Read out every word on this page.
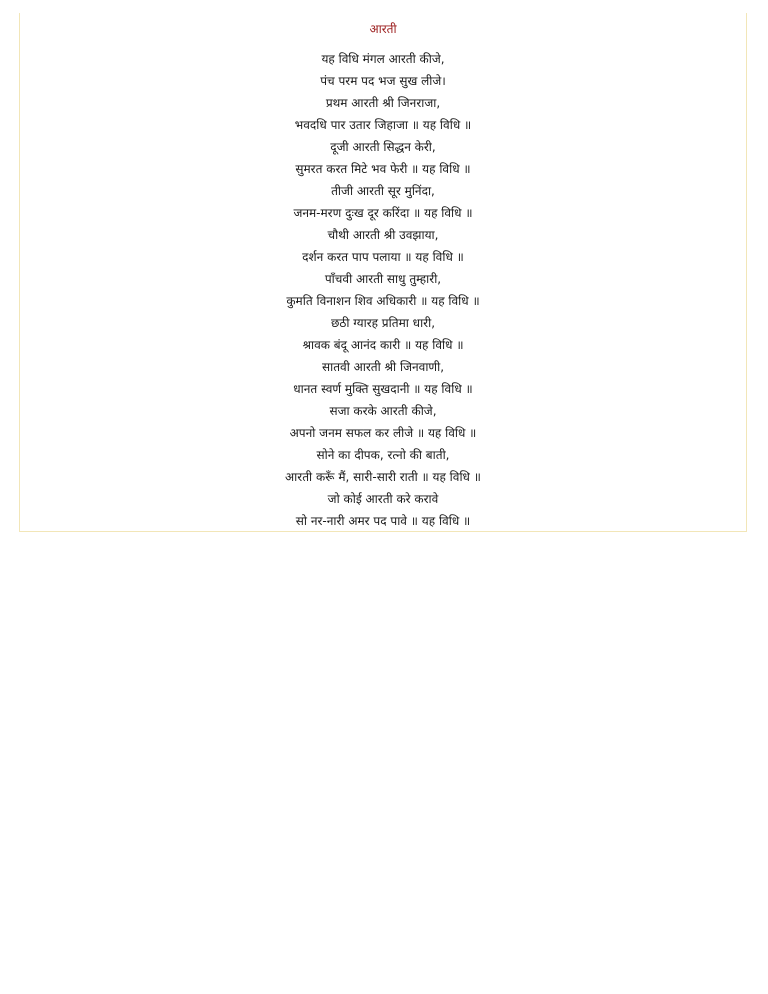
आरती
यह विधि मंगल आरती कीजे,
पंच परम पद भज सुख लीजे।
प्रथम आरती श्री जिनराजा,
भवदधि पार उतार जिहाजा ॥ यह विधि ॥
दूजी आरती सिद्धन केरी,
सुमरत करत मिटे भव फेरी ॥ यह विधि ॥
तीजी आरती सूर मुनिंदा,
जनम-मरण दुःख दूर करिंदा ॥ यह विधि ॥
चौथी आरती श्री उवझाया,
दर्शन करत पाप पलाया ॥ यह विधि ॥
पाँचवी आरती साधु तुम्हारी,
कुमति विनाशन शिव अधिकारी ॥ यह विधि ॥
छठी ग्यारह प्रतिमा धारी,
श्रावक बंदू आनंद कारी ॥ यह विधि ॥
सातवी आरती श्री जिनवाणी,
धानत स्वर्ण मुक्ति सुखदानी ॥ यह विधि ॥
सजा करके आरती कीजे,
अपनो जनम सफल कर लीजे ॥ यह विधि ॥
सोने का दीपक, रत्नो की बाती,
आरती करूँ मैं, सारी-सारी राती ॥ यह विधि ॥
जो कोई आरती करे करावे
सो नर-नारी अमर पद पावे ॥ यह विधि ॥
